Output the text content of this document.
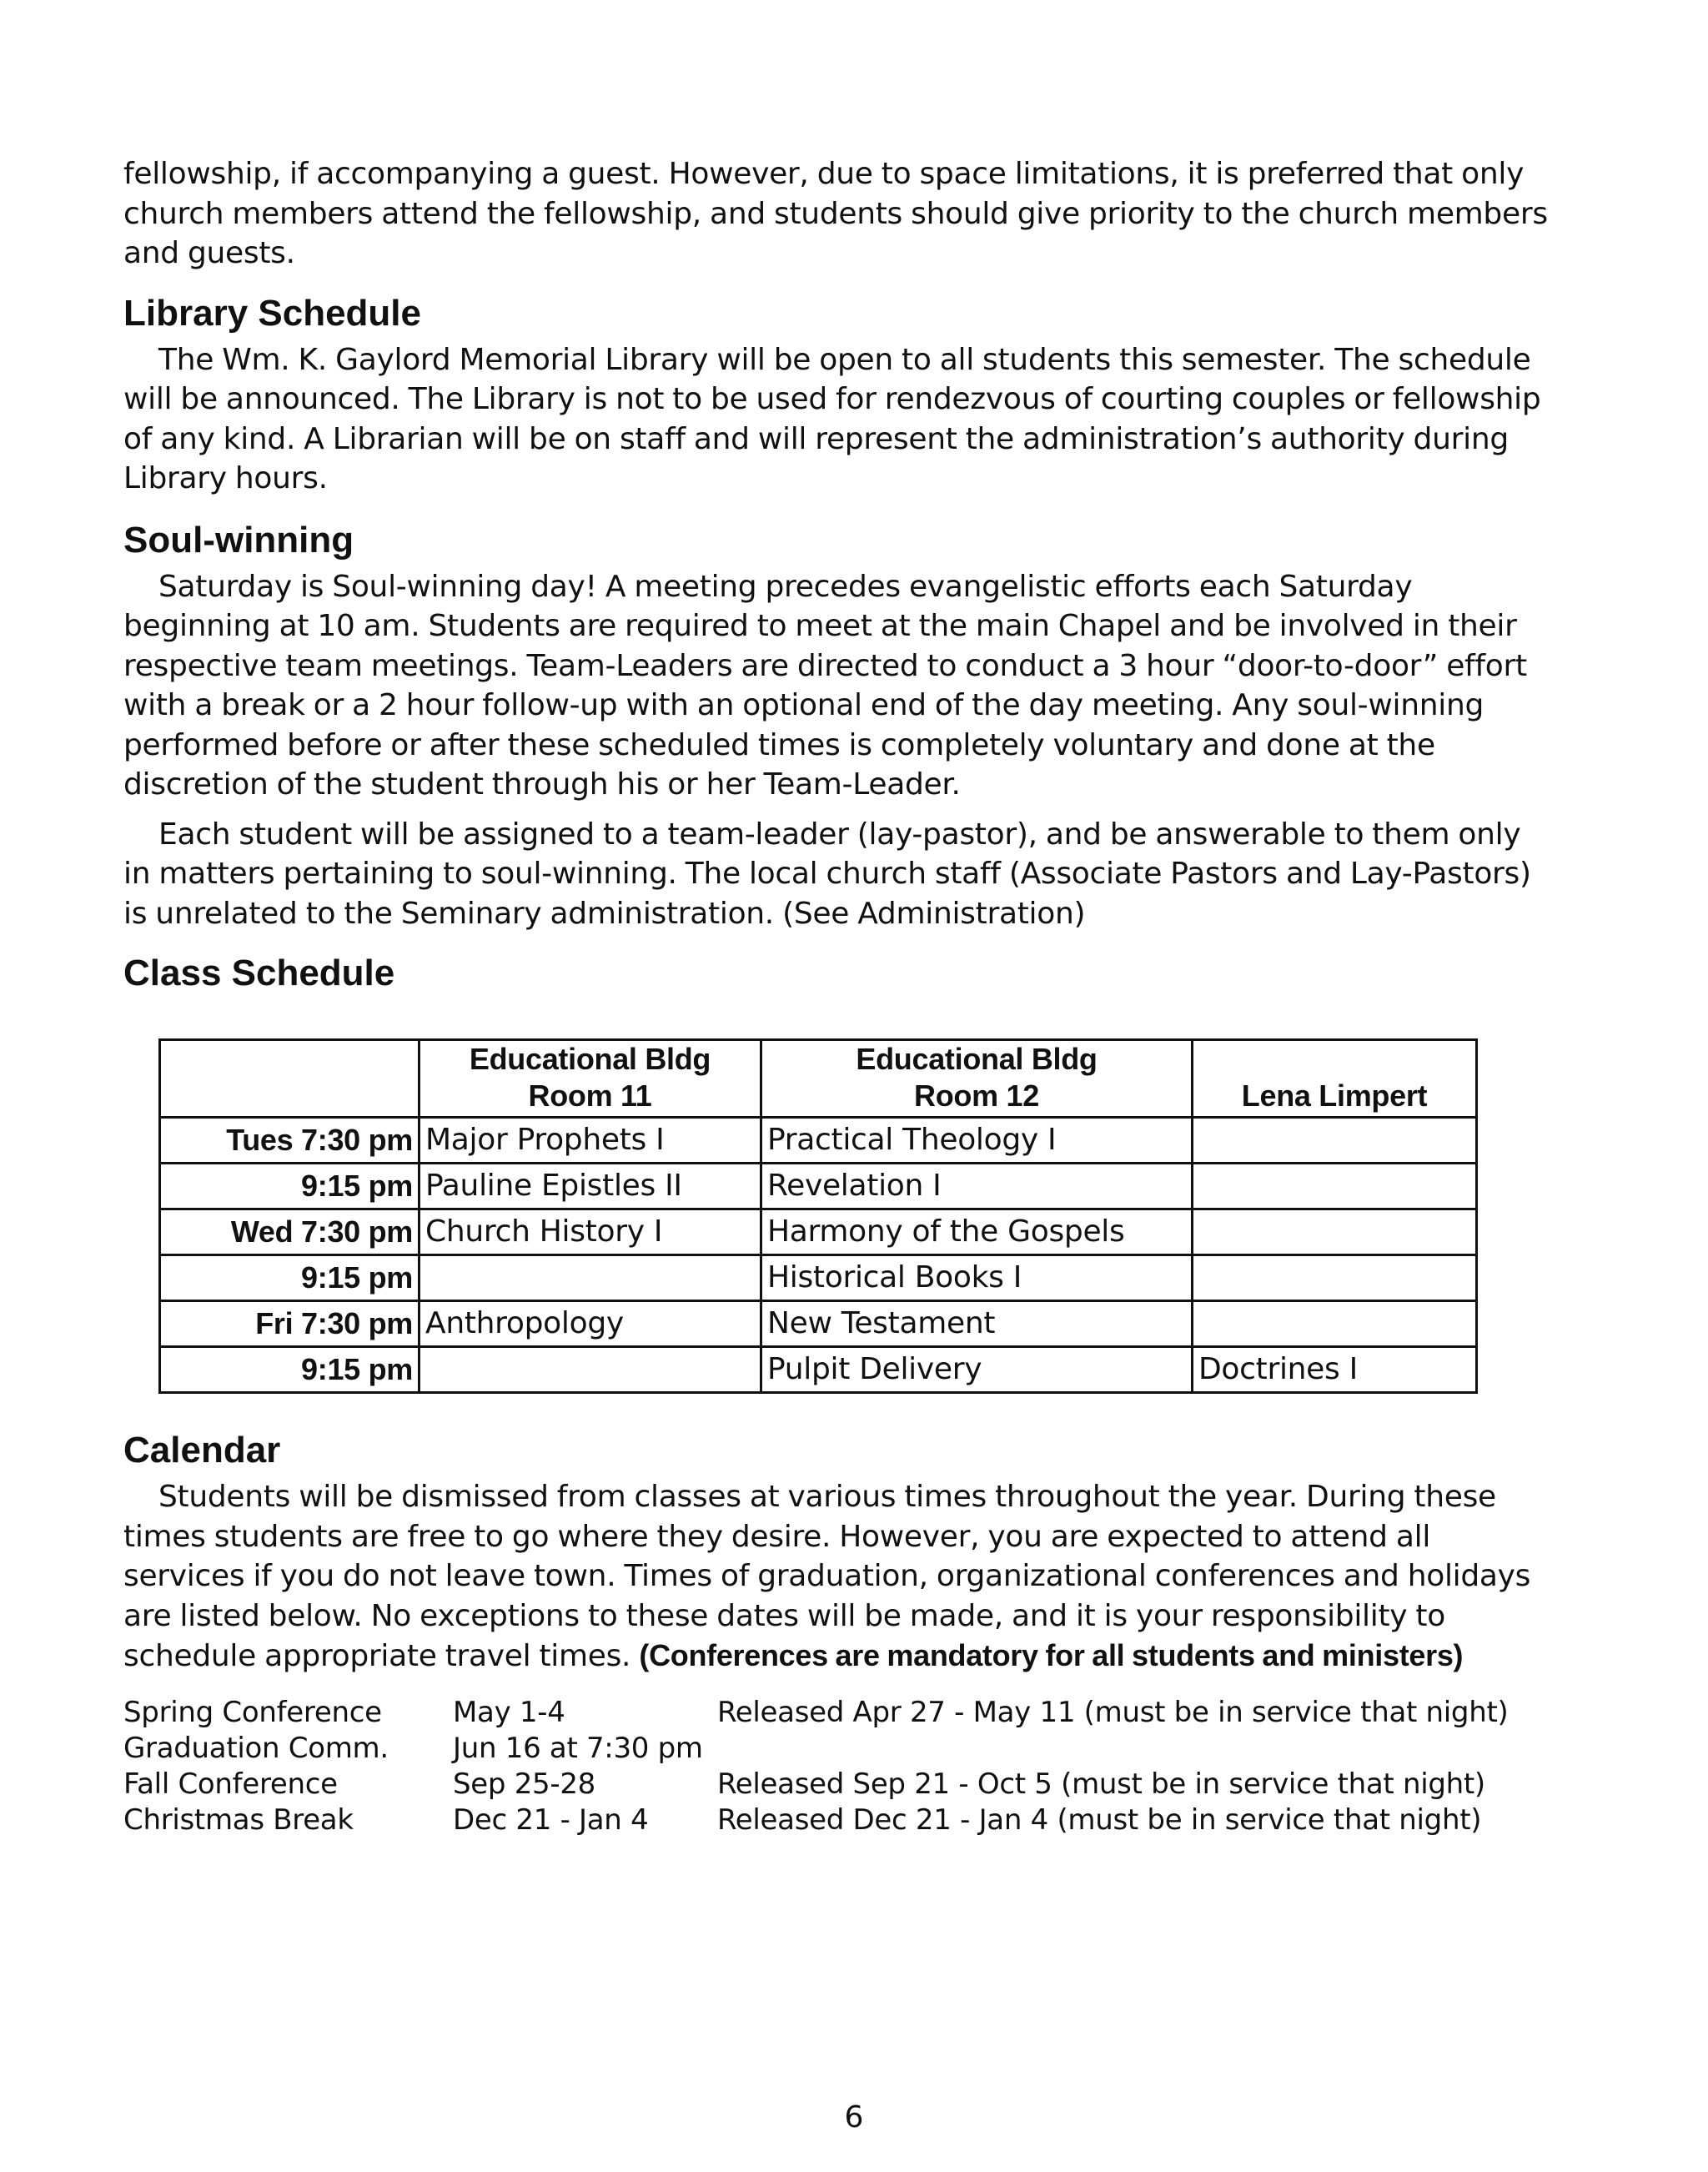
fellowship, if accompanying a guest. However, due to space limitations, it is preferred that only church members attend the fellowship, and students should give priority to the church members and guests.

Library Schedule

The Wm. K. Gaylord Memorial Library will be open to all students this semester. The schedule will be announced. The Library is not to be used for rendezvous of courting couples or fellowship of any kind. A Librarian will be on staff and will represent the administration’s authority during Library hours.

Soul-winning

Saturday is Soul-winning day! A meeting precedes evangelistic efforts each Saturday beginning at 10 am. Students are required to meet at the main Chapel and be involved in their respective team meetings. Team-Leaders are directed to conduct a 3 hour “door-to-door” effort with a break or a 2 hour follow-up with an optional end of the day meeting. Any soul-winning performed before or after these scheduled times is completely voluntary and done at the discretion of the student through his or her Team-Leader.

Each student will be assigned to a team-leader (lay-pastor), and be answerable to them only in matters pertaining to soul-winning. The local church staff (Associate Pastors and Lay-Pastors) is unrelated to the Seminary administration. (See Administration)

Class Schedule
	Educational Bldg
Room 11	Educational Bldg
Room 12	Lena Limpert
Tues 7:30 pm	Major Prophets I	Practical Theology I	
9:15 pm	Pauline Epistles II	Revelation I	
Wed 7:30 pm	Church History I	Harmony of the Gospels	
9:15 pm		Historical Books I	
Fri 7:30 pm	Anthropology	New Testament	
9:15 pm		Pulpit Delivery	Doctrines I
Calendar

Students will be dismissed from classes at various times throughout the year. During these times students are free to go where they desire. However, you are expected to attend all services if you do not leave town. Times of graduation, organizational conferences and holidays are listed below. No exceptions to these dates will be made, and it is your responsibility to schedule appropriate travel times. (Conferences are mandatory for all students and ministers)

Spring Conference	May 1-4	Released Apr 27 - May 11 (must be in service that night)
Graduation Comm.	Jun 16 at 7:30 pm
Fall Conference	Sep 25-28	Released Sep 21 - Oct 5 (must be in service that night)
Christmas Break	Dec 21 - Jan 4	Released Dec 21 - Jan 4 (must be in service that night)
6
